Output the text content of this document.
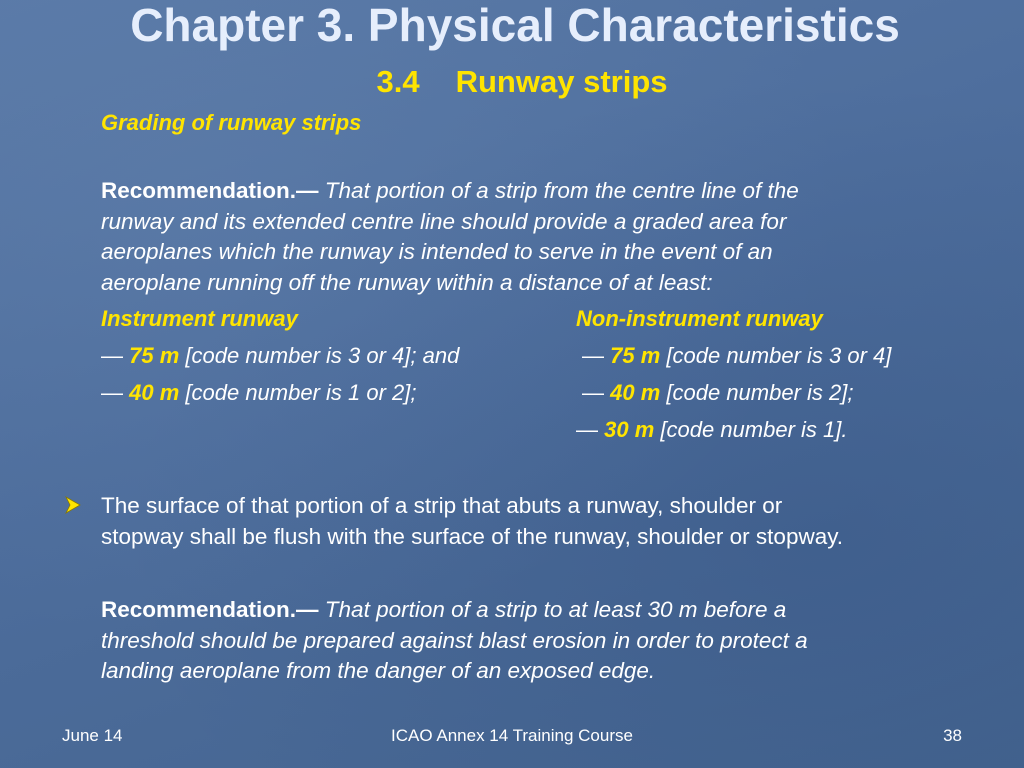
Chapter 3. Physical Characteristics
3.4 Runway strips
Grading of runway strips
Recommendation.— That portion of a strip from the centre line of the
runway and its extended centre line should provide a graded area for
aeroplanes which the runway is intended to serve in the event of an
aeroplane running off the runway within a distance of at least:
Instrument runway
— 75 m [code number is 3 or 4]; and
— 40 m [code number is 1 or 2];
Non-instrument runway
— 75 m [code number is 3 or 4]
— 40 m [code number is 2];
— 30 m [code number is 1].
The surface of that portion of a strip that abuts a runway, shoulder or
stopway shall be flush with the surface of the runway, shoulder or stopway.
Recommendation.— That portion of a strip to at least 30 m before a
threshold should be prepared against blast erosion in order to protect a
landing aeroplane from the danger of an exposed edge.
June 14	ICAO Annex 14 Training Course	38
